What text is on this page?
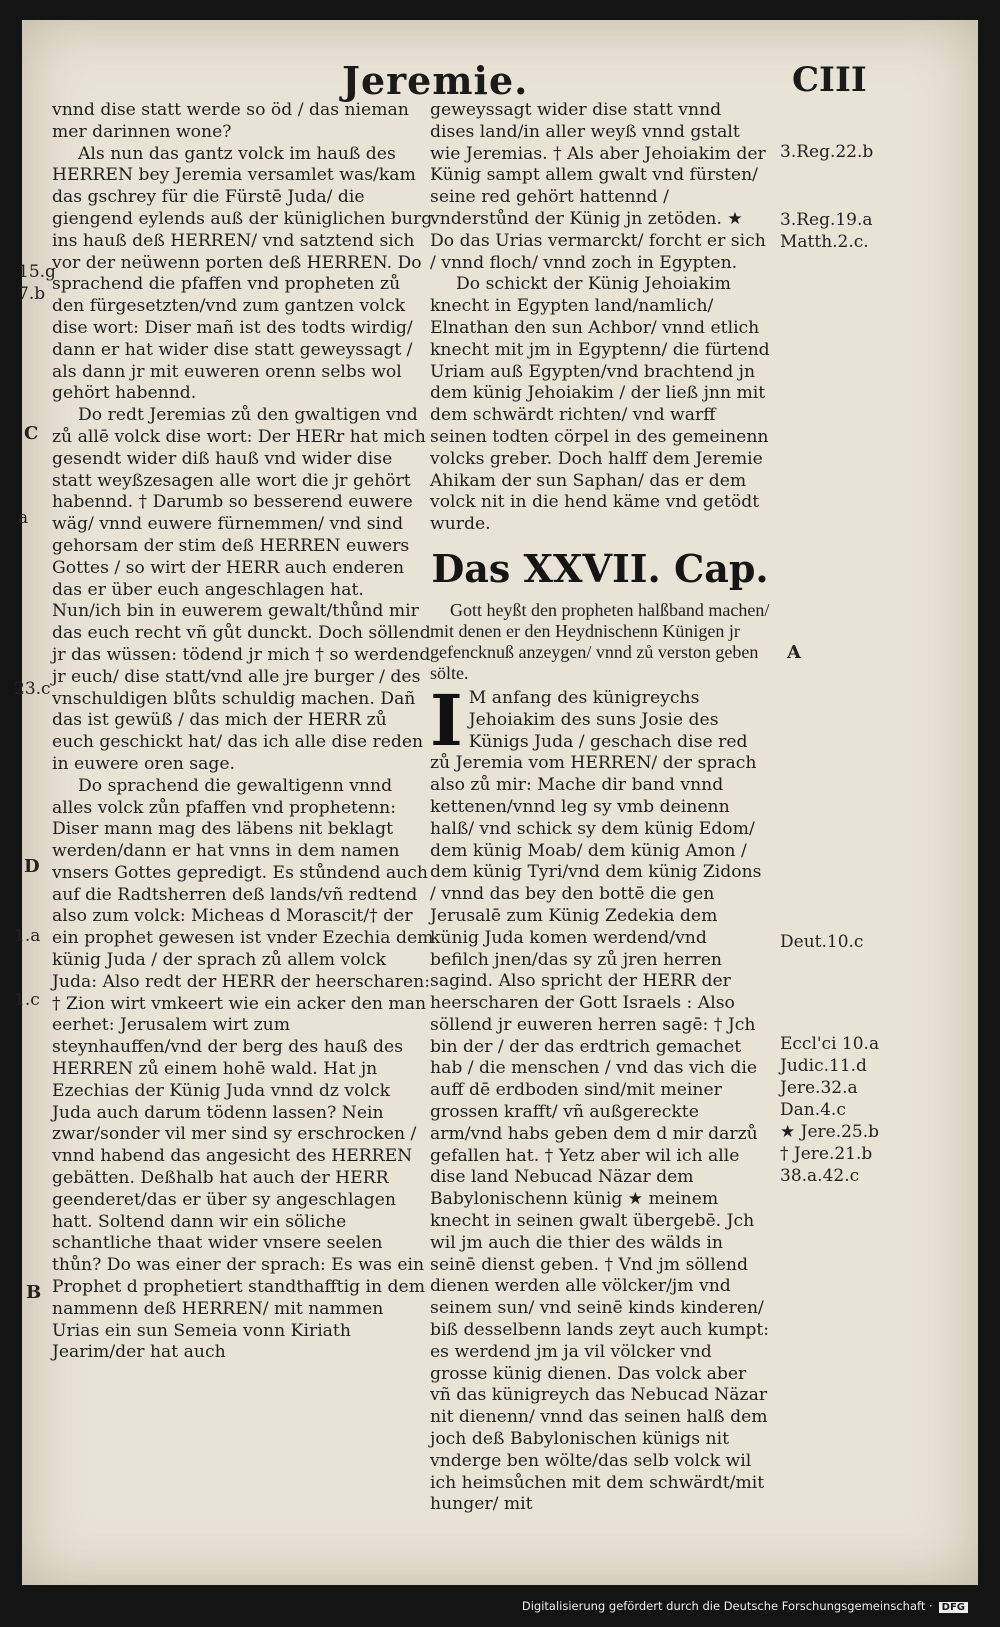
Jeremie.	CIII

vnnd dise statt werde so öd / das nieman mer darinnen wone?

Als nun das gantz volck im hauß des HERREN bey Jeremia versamlet was/kam das gschrey für die Fürstē Juda/ die giengend eylends auß der küniglichen burg ins hauß deß HERREN/ vnd satztend sich vor der neüwenn porten deß HERREN. Do sprachend die pfaffen vnd propheten zů den fürgesetzten/vnd zum gantzen volck dise wort: Diser mañ ist des todts wirdig/ dann er hat wider dise statt geweyssagt / als dann jr mit euweren orenn selbs wol gehört habennd.

Do redt Jeremias zů den gwaltigen vnd zů allē volck dise wort: Der HERr hat mich gesendt wider diß hauß vnd wider dise statt weyßzesagen alle wort die jr gehört habennd. † Darumb so besserend euwere wäg/ vnnd euwere fürnemmen/ vnd sind gehorsam der stim deß HERREN euwers Gottes / so wirt der HERR auch enderen das er über euch angeschlagen hat. Nun/ich bin in euwerem gewalt/thůnd mir das euch recht vñ gůt dunckt. Doch söllend jr das wüssen: tödend jr mich † so werdend jr euch/ dise statt/vnd alle jre burger / des vnschuldigen blůts schuldig machen. Dañ das ist gewüß / das mich der HERR zů euch geschickt hat/ das ich alle dise reden in euwere oren sage.

Do sprachend die gewaltigenn vnnd alles volck zůn pfaffen vnd prophetenn: Diser mann mag des läbens nit beklagt werden/dann er hat vnns in dem namen vnsers Gottes gepredigt. Es stůndend auch auf die Radtsherren deß lands/vñ redtend also zum volck: Micheas d Morascit/† der ein prophet gewesen ist vnder Ezechia dem künig Juda / der sprach zů allem volck Juda: Also redt der HERR der heerscharen: † Zion wirt vmkeert wie ein acker den man eerhet: Jerusalem wirt zum steynhauffen/vnd der berg des hauß des HERREN zů einem hohē wald. Hat jn Ezechias der Künig Juda vnnd dz volck Juda auch darum tödenn lassen? Nein zwar/sonder vil mer sind sy erschrocken / vnnd habend das angesicht des HERREN gebätten. Deßhalb hat auch der HERR geenderet/das er über sy angeschlagen hatt. Soltend dann wir ein söliche schantliche thaat wider vnsere seelen thůn? Do was einer der sprach: Es was ein Prophet d prophetiert standthafftig in dem nammenn deß HERREN/ mit nammen Urias ein sun Semeia vonn Kiriath Jearim/der hat auch

geweyssagt wider dise statt vnnd dises land/in aller weyß vnnd gstalt wie Jeremias. † Als aber Jehoiakim der Künig sampt allem gwalt vnd fürsten/ seine red gehört hattennd / vnderstůnd der Künig jn zetöden. ★ Do das Urias vermarckt/ forcht er sich / vnnd floch/ vnnd zoch in Egypten.

Do schickt der Künig Jehoiakim knecht in Egypten land/namlich/ Elnathan den sun Achbor/ vnnd etlich knecht mit jm in Egyptenn/ die fürtend Uriam auß Egypten/vnd brachtend jn dem künig Jehoiakim / der ließ jnn mit dem schwärdt richten/ vnd warff seinen todten cörpel in des gemeinenn volcks greber. Doch halff dem Jeremie Ahikam der sun Saphan/ das er dem volck nit in die hend käme vnd getödt wurde.

Das XXVII. Cap.

Gott heyßt den propheten halßband machen/ mit denen er den Heydnischenn Künigen jr gefencknuß anzeygen/ vnnd zů verston geben sölte.

I M anfang des künigreychs Jehoiakim des suns Josie des Künigs Juda / geschach dise red zů Jeremia vom HERREN/ der sprach also zů mir: Mache dir band vnnd kettenen/vnnd leg sy vmb deinenn halß/ vnd schick sy dem künig Edom/ dem künig Moab/ dem künig Amon / dem künig Tyri/vnd dem künig Zidons / vnnd das bey den bottē die gen Jerusalē zum Künig Zedekia dem künig Juda komen werdend/vnd befilch jnen/das sy zů jren herren sagind. Also spricht der HERR der heerscharen der Gott Israels : Also söllend jr euweren herren sagē: † Jch bin der / der das erdtrich gemachet hab / die menschen / vnd das vich die auff dē erdboden sind/mit meiner grossen krafft/ vñ außgereckte arm/vnd habs geben dem d mir darzů gefallen hat. † Yetz aber wil ich alle dise land Nebucad Näzar dem Babylonischenn künig ★ meinem knecht in seinen gwalt übergebē. Jch wil jm auch die thier des wälds in seinē dienst geben. † Vnd jm söllend dienen werden alle völcker/jm vnd seinem sun/ vnd seinē kinds kinderen/ biß desselbenn lands zeyt auch kumpt: es werdend jm ja vil völcker vnd grosse künig dienen. Das volck aber vñ das künigreych das Nebucad Näzar nit dienenn/ vnnd das seinen halß dem joch deß Babylonischen künigs nit vnderge ben wölte/das selb volck wil ich heimsůchen mit dem schwärdt/mit hunger/ mit

15.g
7.b
C
a
23.c
D
1.a
1.c
B
3.Reg.22.b
3.Reg.19.a
Matth.2.c.
A
Deut.10.c
Eccl'ci 10.a
Judic.11.d
Jere.32.a
Dan.4.c
★ Jere.25.b
† Jere.21.b
38.a.42.c
Digitalisierung gefördert durch die Deutsche Forschungsgemeinschaft · DFG
